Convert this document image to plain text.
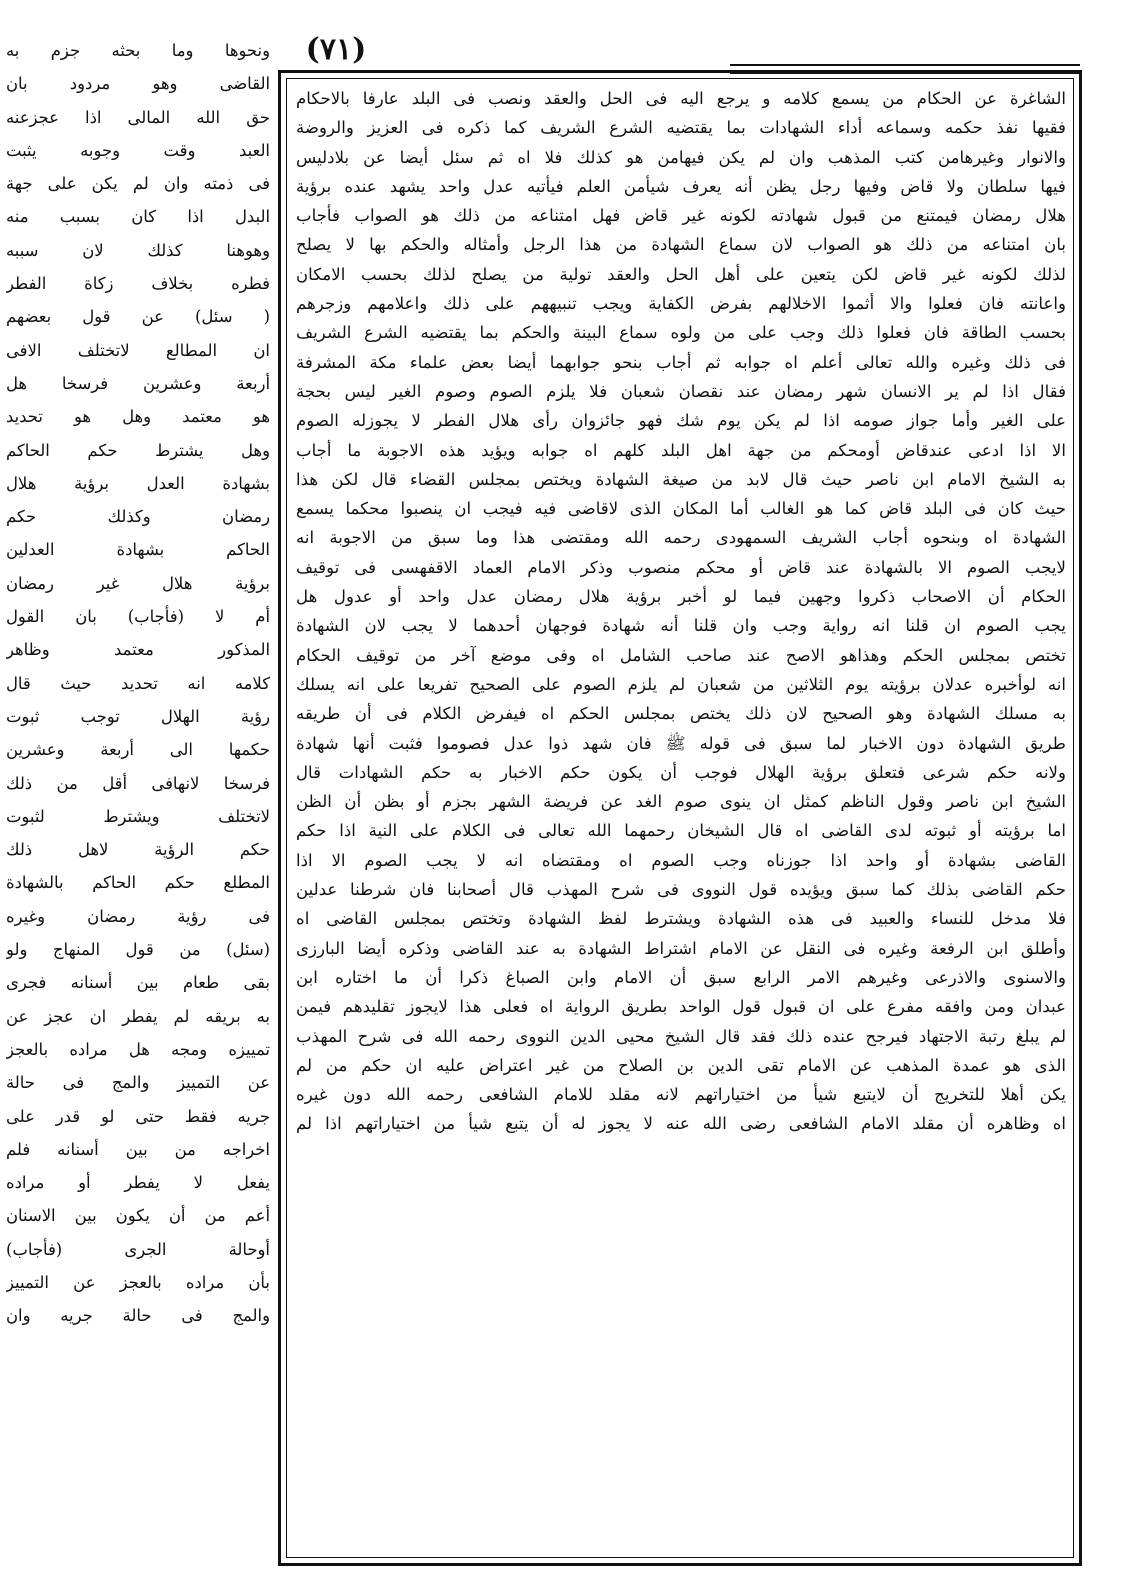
(٧١)
الشاغرة عن الحكام من يسمع كلامه و يرجع اليه فى الحل والعقد ونصب فى البلد عارفا بالاحكام
فقيها نفذ حكمه وسماعه أداء الشهادات بما يقتضيه الشرع الشريف كما ذكره فى العزيز والروضة
والانوار وغيرهامن كتب المذهب وان لم يكن فيهامن هو كذلك فلا اه ثم سئل أيضا عن بلادليس
فيها سلطان ولا قاض وفيها رجل يظن أنه يعرف شيأمن العلم فيأتيه عدل واحد يشهد عنده برؤية
هلال رمضان فيمتنع من قبول شهادته لكونه غير قاض فهل امتناعه من ذلك هو الصواب فأجاب
بان امتناعه من ذلك هو الصواب لان سماع الشهادة من هذا الرجل وأمثاله والحكم بها لا يصلح
لذلك لكونه غير قاض لكن يتعين على أهل الحل والعقد تولية من يصلح لذلك بحسب الامكان
واعانته فان فعلوا والا أثموا الاخلالهم بفرض الكفاية ويجب تنبيههم على ذلك واعلامهم وزجرهم
بحسب الطاقة فان فعلوا ذلك وجب على من ولوه سماع البينة والحكم بما يقتضيه الشرع الشريف
فى ذلك وغيره والله تعالى أعلم اه جوابه ثم أجاب بنحو جوابهما أيضا بعض علماء مكة المشرفة
فقال اذا لم ير الانسان شهر رمضان عند نقصان شعبان فلا يلزم الصوم وصوم الغير ليس بحجة
على الغير وأما جواز صومه اذا لم يكن يوم شك فهو جائزوان رأى هلال الفطر لا يجوزله الصوم
الا اذا ادعى عندقاض أومحكم من جهة اهل البلد كلهم اه جوابه ويؤيد هذه الاجوبة ما أجاب
به الشيخ الامام ابن ناصر حيث قال لابد من صيغة الشهادة ويختص بمجلس القضاء قال لكن هذا
حيث كان فى البلد قاض كما هو الغالب أما المكان الذى لاقاضى فيه فيجب ان ينصبوا محكما يسمع
الشهادة اه وبنحوه أجاب الشريف السمهودى رحمه الله ومقتضى هذا وما سبق من الاجوبة انه
لايجب الصوم الا بالشهادة عند قاض أو محكم منصوب وذكر الامام العماد الاقفهسى فى توقيف
الحكام أن الاصحاب ذكروا وجهين فيما لو أخبر برؤية هلال رمضان عدل واحد أو عدول هل
يجب الصوم ان قلنا انه رواية وجب وان قلنا أنه شهادة فوجهان أحدهما لا يجب لان الشهادة
تختص بمجلس الحكم وهذاهو الاصح عند صاحب الشامل اه وفى موضع آخر من توقيف الحكام
انه لوأخبره عدلان برؤيته يوم الثلاثين من شعبان لم يلزم الصوم على الصحيح تفريعا على انه يسلك
به مسلك الشهادة وهو الصحيح لان ذلك يختص بمجلس الحكم اه فيفرض الكلام فى أن طريقه
طريق الشهادة دون الاخبار لما سبق فى قوله ﷺ فان شهد ذوا عدل فصوموا فثبت أنها شهادة
ولانه حكم شرعى فتعلق برؤية الهلال فوجب أن يكون حكم الاخبار به حكم الشهادات قال
الشيخ ابن ناصر وقول الناظم كمثل ان ينوى صوم الغد عن فريضة الشهر بجزم أو بظن أن الظن
اما برؤيته أو ثبوته لدى القاضى اه قال الشيخان رحمهما الله تعالى فى الكلام على النية اذا حكم
القاضى بشهادة أو واحد اذا جوزناه وجب الصوم اه ومقتضاه انه لا يجب الصوم الا اذا
حكم القاضى بذلك كما سبق ويؤيده قول النووى فى شرح المهذب قال أصحابنا فان شرطنا عدلين
فلا مدخل للنساء والعبيد فى هذه الشهادة ويشترط لفظ الشهادة وتختص بمجلس القاضى اه
وأطلق ابن الرفعة وغيره فى النقل عن الامام اشتراط الشهادة به عند القاضى وذكره أيضا البارزى
والاسنوى والاذرعى وغيرهم الامر الرابع سبق أن الامام وابن الصباغ ذكرا أن ما اختاره ابن
عبدان ومن وافقه مفرع على ان قبول قول الواحد بطريق الرواية اه فعلى هذا لايجوز تقليدهم فيمن
لم يبلغ رتبة الاجتهاد فيرجح عنده ذلك فقد قال الشيخ محيى الدين النووى رحمه الله فى شرح المهذب
الذى هو عمدة المذهب عن الامام تقى الدين بن الصلاح من غير اعتراض عليه ان حكم من لم
يكن أهلا للتخريج أن لايتبع شيأ من اختياراتهم لانه مقلد للامام الشافعى رحمه الله دون غيره
اه وظاهره أن مقلد الامام الشافعى رضى الله عنه لا يجوز له أن يتبع شيأ من اختياراتهم اذا لم
ونحوها وما بحثه جزم به
القاضى وهو مردود بان
حق الله المالى اذا عجزعنه
العبد وقت وجوبه يثبت
فى ذمته وان لم يكن على جهة
البدل اذا كان بسبب منه
وهوهنا كذلك لان سببه
فطره بخلاف زكاة الفطر
( سئل) عن قول بعضهم
ان المطالع لاتختلف الافى
أربعة وعشرين فرسخا هل
هو معتمد وهل هو تحديد
وهل يشترط حكم الحاكم
بشهادة العدل برؤية هلال
رمضان وكذلك حكم
الحاكم بشهادة العدلين
برؤية هلال غير رمضان
أم لا (فأجاب) بان القول
المذكور معتمد وظاهر
كلامه انه تحديد حيث قال
رؤية الهلال توجب ثبوت
حكمها الى أربعة وعشرين
فرسخا لانهافى أقل من ذلك
لاتختلف ويشترط لثبوت
حكم الرؤية لاهل ذلك
المطلع حكم الحاكم بالشهادة
فى رؤية رمضان وغيره
(سئل) من قول المنهاج ولو
بقى طعام بين أسنانه فجرى
به بريقه لم يفطر ان عجز عن
تمييزه ومجه هل مراده بالعجز
عن التمييز والمج فى حالة
جريه فقط حتى لو قدر على
اخراجه من بين أسنانه فلم
يفعل لا يفطر أو مراده
أعم من أن يكون بين الاسنان
أوحالة الجرى (فأجاب)
بأن مراده بالعجز عن التمييز
والمج فى حالة جريه وان
